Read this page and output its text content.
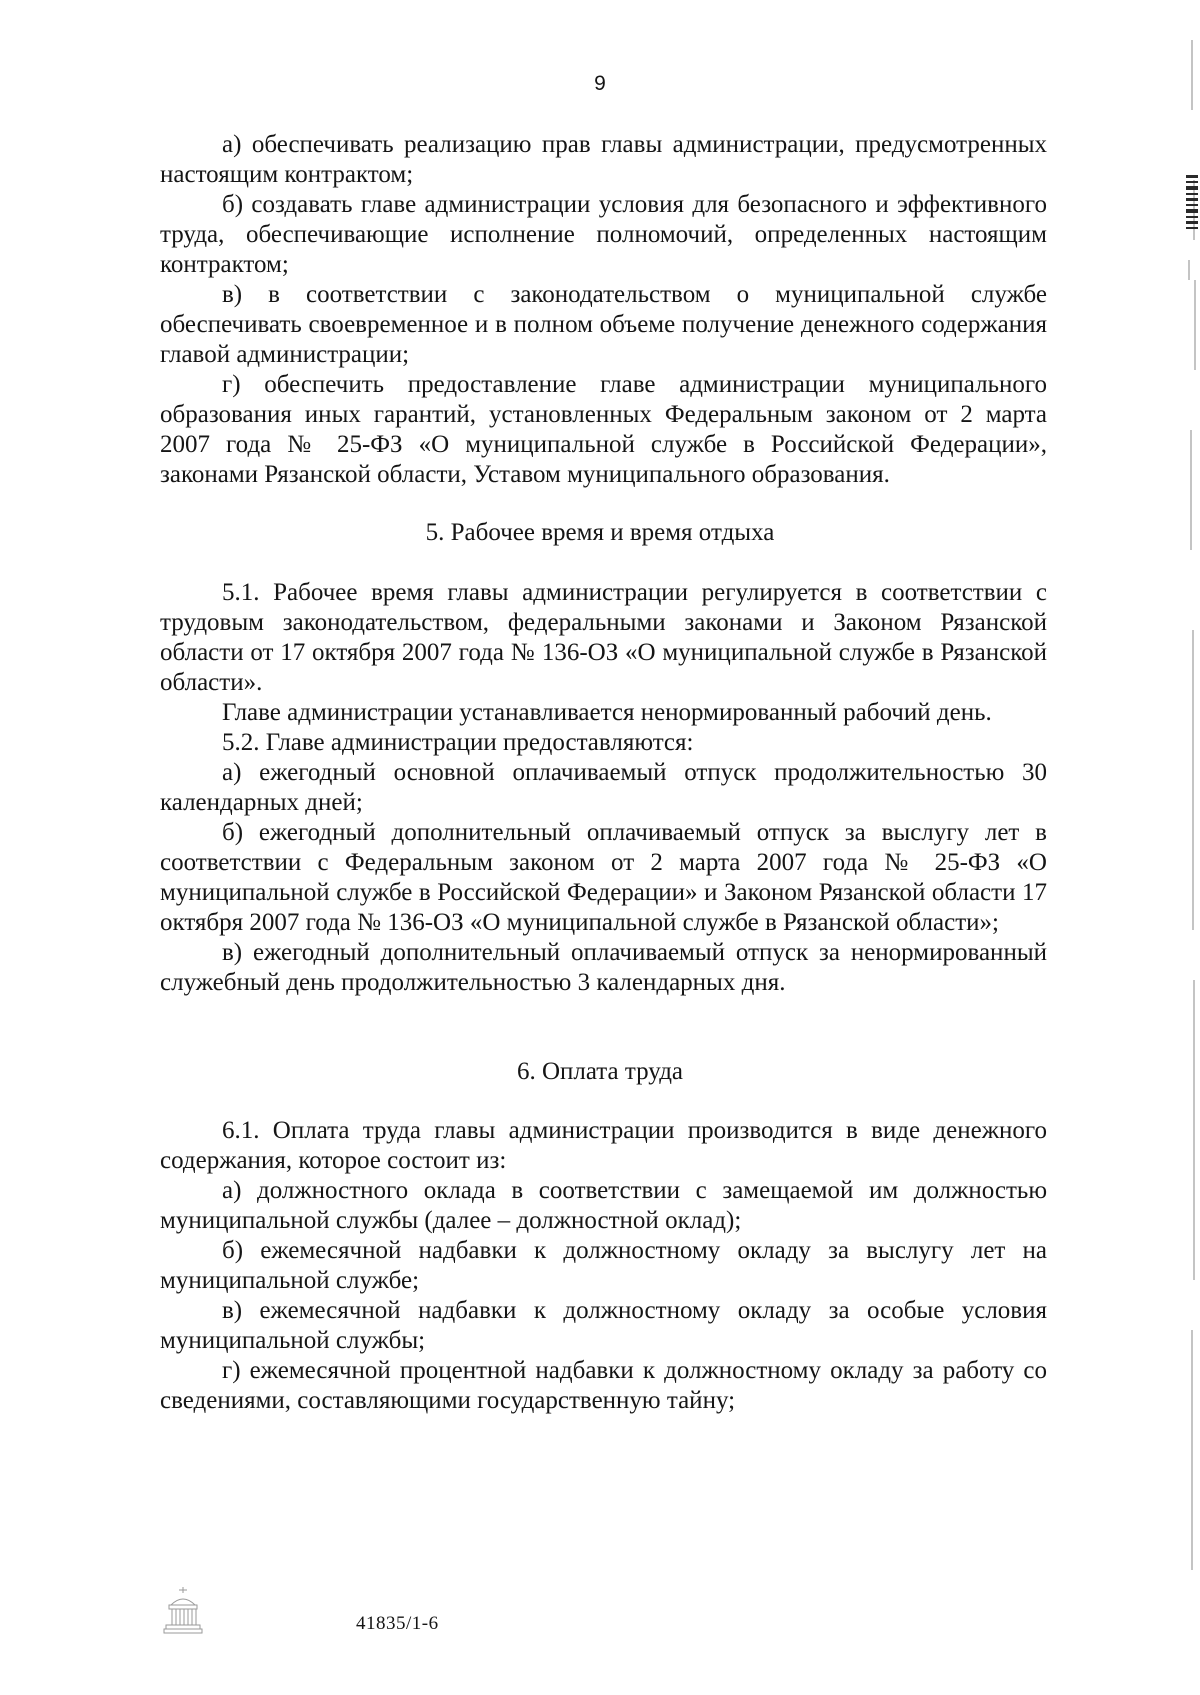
9

а) обеспечивать реализацию прав главы администрации, предусмотренных настоящим контрактом;

б) создавать главе администрации условия для безопасного и эффективного труда, обеспечивающие исполнение полномочий, определенных настоящим контрактом;

в) в соответствии с законодательством о муниципальной службе обеспечивать своевременное и в полном объеме получение денежного содержания главой администрации;

г) обеспечить предоставление главе администрации муниципального образования иных гарантий, установленных Федеральным законом от 2 марта 2007 года № 25-ФЗ «О муниципальной службе в Российской Федерации», законами Рязанской области, Уставом муниципального образования.

5. Рабочее время и время отдыха

5.1. Рабочее время главы администрации регулируется в соответствии с трудовым законодательством, федеральными законами и Законом Рязанской области от 17 октября 2007 года № 136-ОЗ «О муниципальной службе в Рязанской области».

Главе администрации устанавливается ненормированный рабочий день.

5.2. Главе администрации предоставляются:

а) ежегодный основной оплачиваемый отпуск продолжительностью 30 календарных дней;

б) ежегодный дополнительный оплачиваемый отпуск за выслугу лет в соответствии с Федеральным законом от 2 марта 2007 года № 25-ФЗ «О муниципальной службе в Российской Федерации» и Законом Рязанской области 17 октября 2007 года № 136-ОЗ «О муниципальной службе в Рязанской области»;

в) ежегодный дополнительный оплачиваемый отпуск за ненормированный служебный день продолжительностью 3 календарных дня.

6. Оплата труда

6.1. Оплата труда главы администрации производится в виде денежного содержания, которое состоит из:

а) должностного оклада в соответствии с замещаемой им должностью муниципальной службы (далее – должностной оклад);

б) ежемесячной надбавки к должностному окладу за выслугу лет на муниципальной службе;

в) ежемесячной надбавки к должностному окладу за особые условия муниципальной службы;

г) ежемесячной процентной надбавки к должностному окладу за работу со сведениями, составляющими государственную тайну;

41835/1-6
